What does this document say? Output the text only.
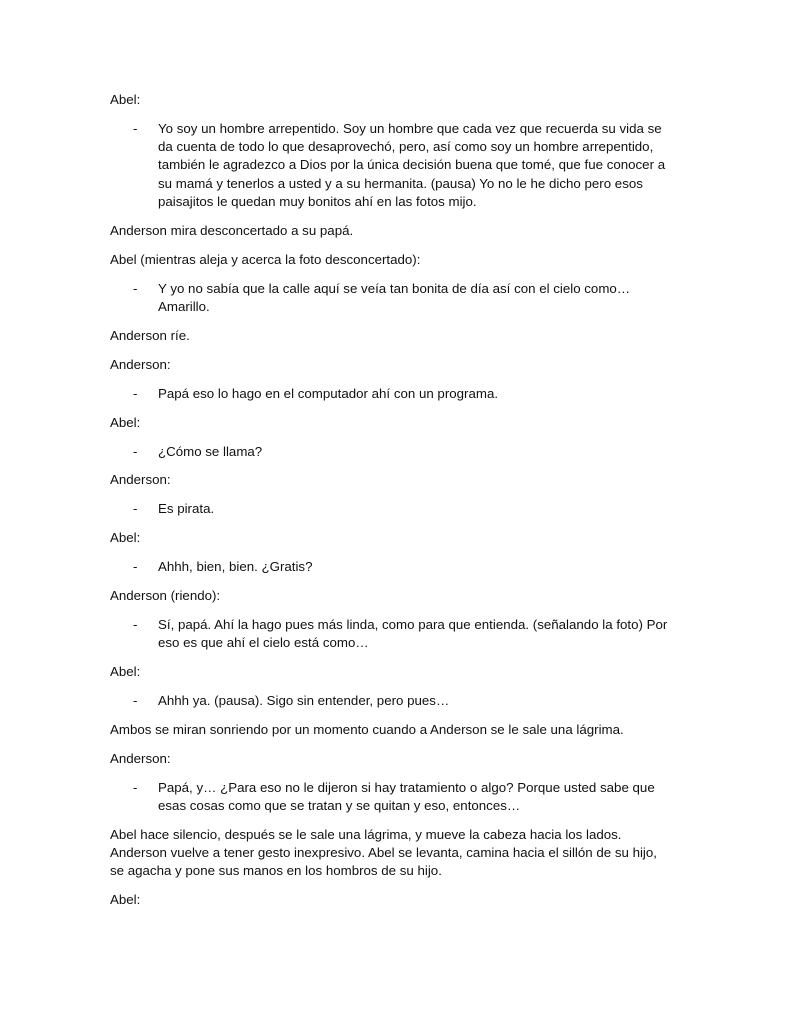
Abel:

- Yo soy un hombre arrepentido. Soy un hombre que cada vez que recuerda su vida se da cuenta de todo lo que desaprovechó, pero, así como soy un hombre arrepentido, también le agradezco a Dios por la única decisión buena que tomé, que fue conocer a su mamá y tenerlos a usted y a su hermanita. (pausa) Yo no le he dicho pero esos paisajitos le quedan muy bonitos ahí en las fotos mijo.

Anderson mira desconcertado a su papá.

Abel (mientras aleja y acerca la foto desconcertado):

- Y yo no sabía que la calle aquí se veía tan bonita de día así con el cielo como… Amarillo.

Anderson ríe.

Anderson:

- Papá eso lo hago en el computador ahí con un programa.

Abel:

- ¿Cómo se llama?

Anderson:

- Es pirata.

Abel:

- Ahhh, bien, bien. ¿Gratis?

Anderson (riendo):

- Sí, papá. Ahí la hago pues más linda, como para que entienda. (señalando la foto) Por eso es que ahí el cielo está como…

Abel:

- Ahhh ya. (pausa). Sigo sin entender, pero pues…

Ambos se miran sonriendo por un momento cuando a Anderson se le sale una lágrima.

Anderson:

- Papá, y… ¿Para eso no le dijeron si hay tratamiento o algo? Porque usted sabe que esas cosas como que se tratan y se quitan y eso, entonces…

Abel hace silencio, después se le sale una lágrima, y mueve la cabeza hacia los lados. Anderson vuelve a tener gesto inexpresivo. Abel se levanta, camina hacia el sillón de su hijo, se agacha y pone sus manos en los hombros de su hijo.

Abel:
